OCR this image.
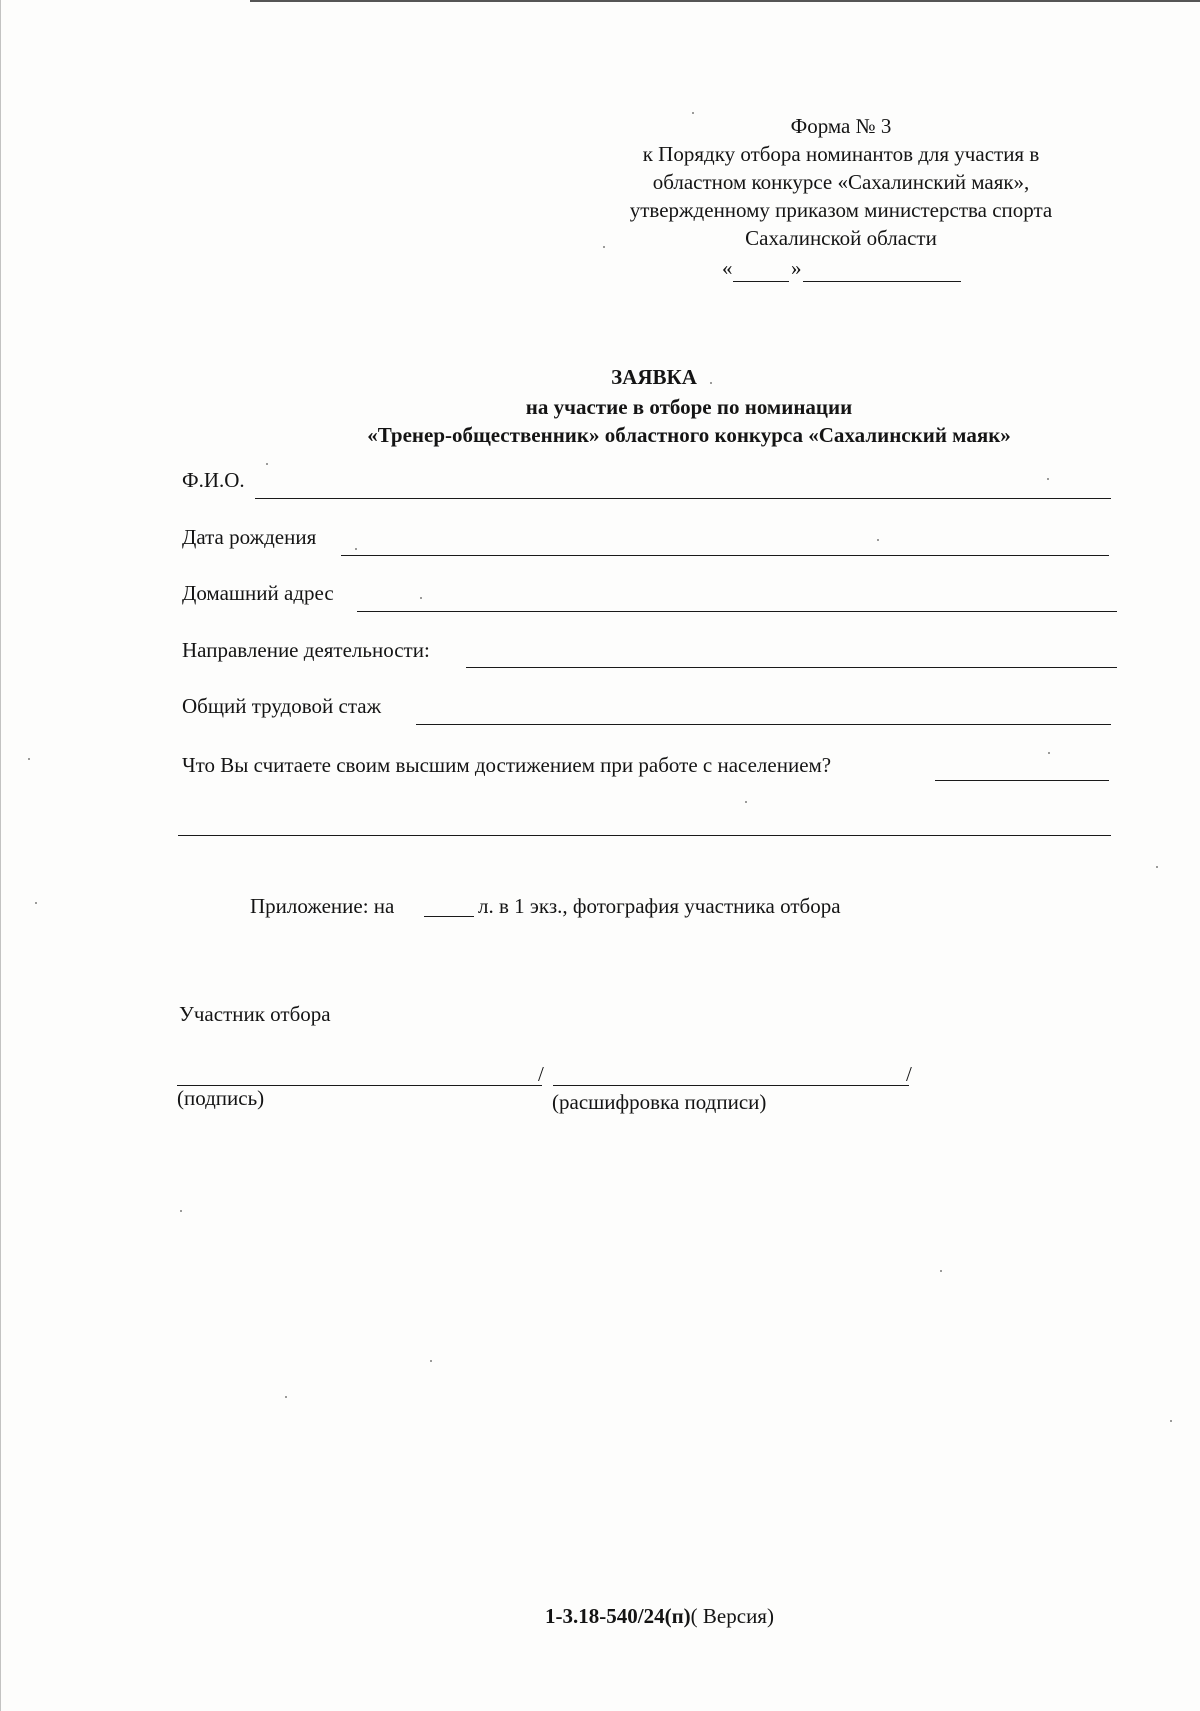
Форма № 3
к Порядку отбора номинантов для участия в
областном конкурсе «Сахалинский маяк»,
утвержденному приказом министерства спорта
Сахалинской области
«	»
ЗАЯВКА
на участие в отборе по номинации
«Тренер-общественник» областного конкурса «Сахалинский маяк»
Ф.И.О.
Дата рождения
Домашний адрес
Направление деятельности:
Общий трудовой стаж
Что Вы считаете своим высшим достижением при работе с населением?
Приложение: на	л. в 1 экз., фотография участника отбора
Участник отбора
/	/
(подпись)	(расшифровка подписи)
1-3.18-540/24(п)( Версия)
